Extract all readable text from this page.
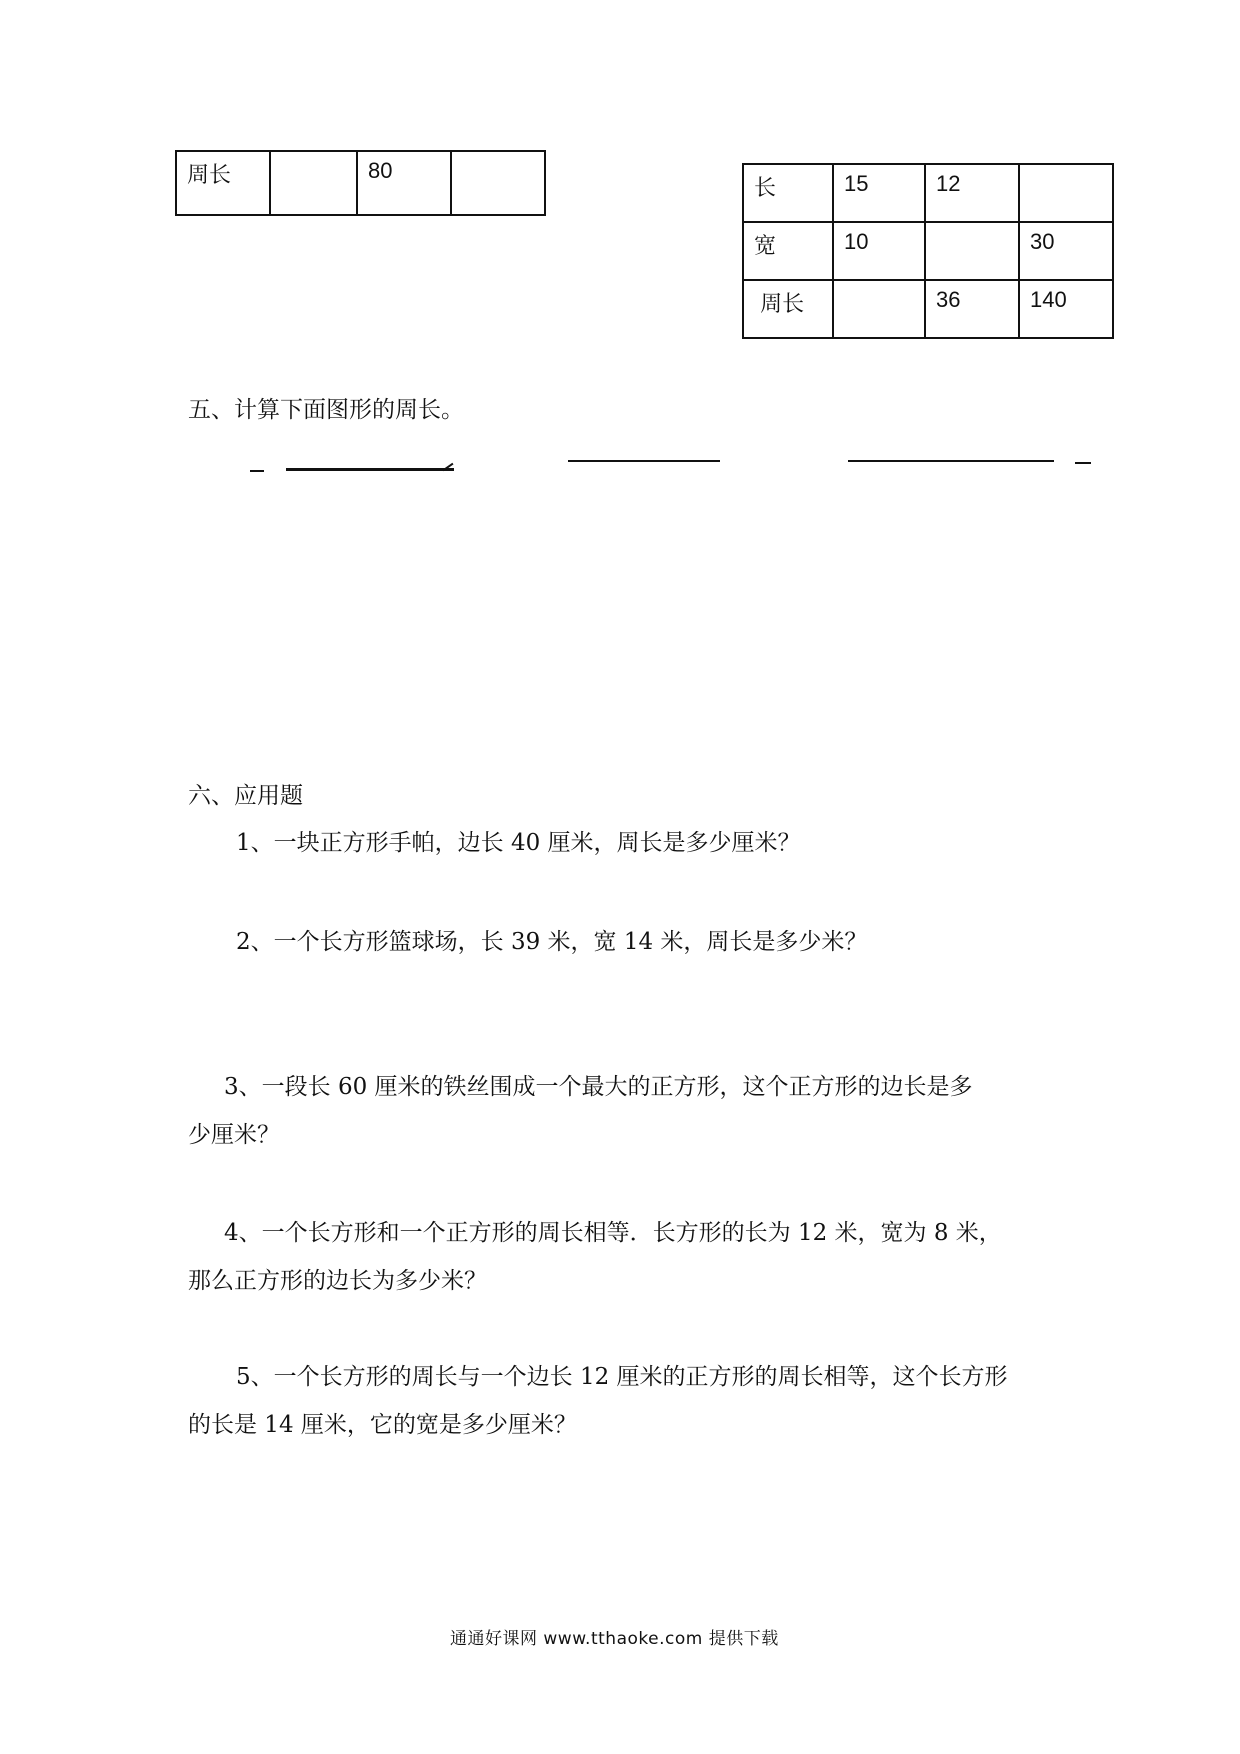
周长		80	
长	15	12	
宽	10		30
周长		36	140
五、计算下面图形的周长。
六、应用题
1、一块正方形手帕，边长 40 厘米，周长是多少厘米？
2、一个长方形篮球场，长 39 米，宽 14 米，周长是多少米？
3、一段长 60 厘米的铁丝围成一个最大的正方形，这个正方形的边长是多
少厘米？
4、一个长方形和一个正方形的周长相等．长方形的长为 12 米，宽为 8 米，
那么正方形的边长为多少米？
5、一个长方形的周长与一个边长 12 厘米的正方形的周长相等，这个长方形
的长是 14 厘米，它的宽是多少厘米？
通通好课网 www.tthaoke.com 提供下载
